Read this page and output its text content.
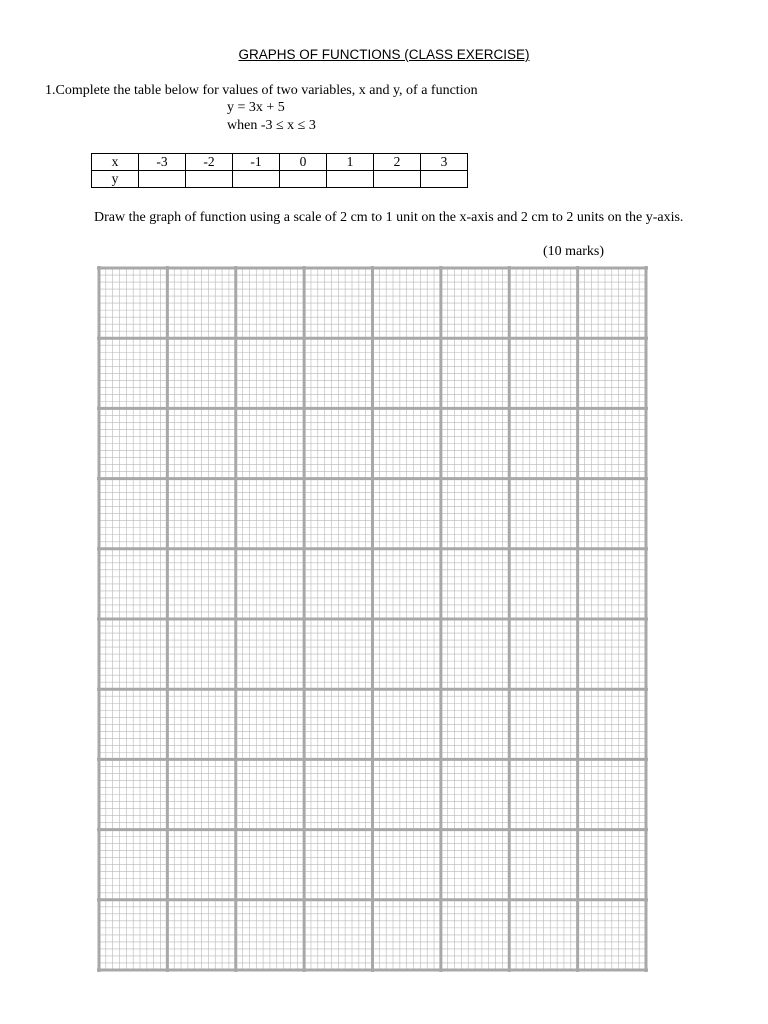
GRAPHS OF FUNCTIONS (CLASS EXERCISE)
1.Complete the table below for values of two variables, x and y, of a function
y = 3x + 5
when -3 ≤ x ≤ 3
x	-3	-2	-1	0	1	2	3
y							
Draw the graph of function using a scale of 2 cm to 1 unit on the x-axis and 2 cm to 2 units on the y-axis.
(10 marks)
